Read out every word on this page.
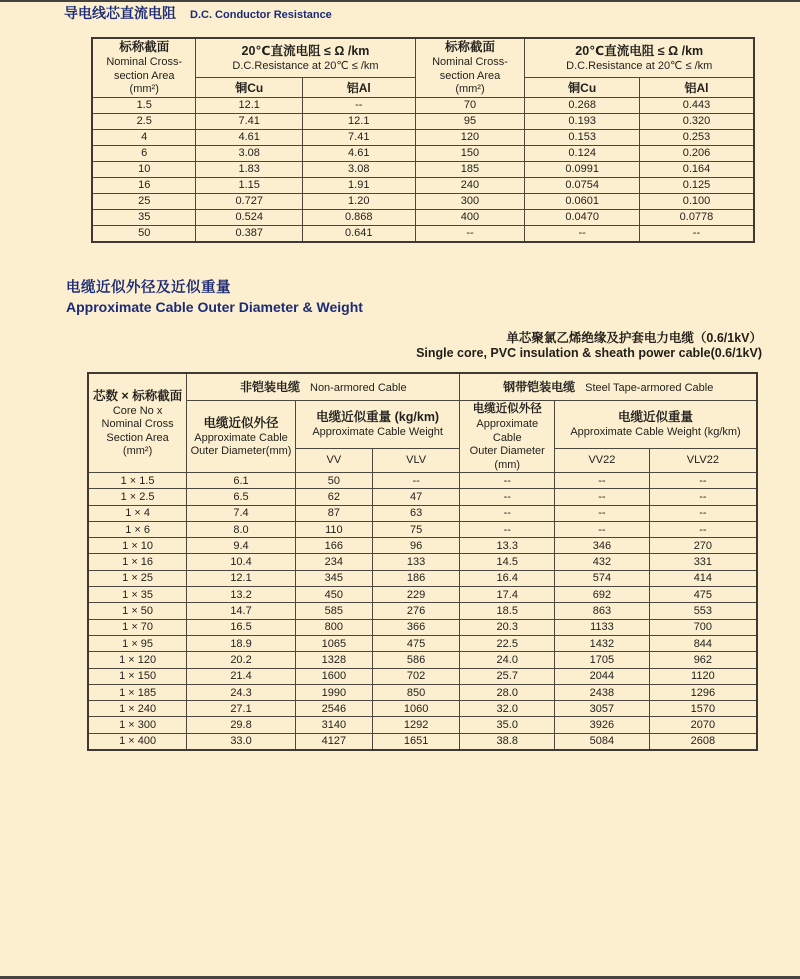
导电线芯直流电阻 D.C. Conductor Resistance
标称截面
Nominal Cross-
section Area
(mm²)	20℃直流电阻 ≤ Ω /km
D.C.Resistance at 20℃ ≤ /km		标称截面
Nominal Cross-
section Area
(mm²)	20℃直流电阻 ≤ Ω /km
D.C.Resistance at 20℃ ≤ /km	

	铜Cu	铝Al		铜Cu	铝Al
1.5	12.1	--	70	0.268	0.443
2.5	7.41	12.1	95	0.193	0.320
4	4.61	7.41	120	0.153	0.253
6	3.08	4.61	150	0.124	0.206
10	1.83	3.08	185	0.0991	0.164
16	1.15	1.91	240	0.0754	0.125
25	0.727	1.20	300	0.0601	0.100
35	0.524	0.868	400	0.0470	0.0778
50	0.387	0.641	--	--	--
电缆近似外径及近似重量
Approximate Cable Outer Diameter & Weight
单芯聚氯乙烯绝缘及护套电力电缆（0.6/1kV）
Single core, PVC insulation & sheath power cable(0.6/1kV)
芯数 × 标称截面
Core No x
Nominal Cross
Section Area
(mm²)	非铠装电缆 Non-armored Cable			钢带铠装电缆 Steel Tape-armored Cable		

	电缆近似外径
Approximate Cable
Outer Diameter(mm)	电缆近似重量 (kg/km)
Approximate Cable Weight		电缆近似外径
Approximate Cable
Outer Diameter
(mm)	电缆近似重量
Approximate Cable Weight (kg/km)	

		VV	VLV		VV22	VLV22
1 × 1.5	6.1	50	--	--	--	--
1 × 2.5	6.5	62	47	--	--	--
1 × 4	7.4	87	63	--	--	--
1 × 6	8.0	110	75	--	--	--
1 × 10	9.4	166	96	13.3	346	270
1 × 16	10.4	234	133	14.5	432	331
1 × 25	12.1	345	186	16.4	574	414
1 × 35	13.2	450	229	17.4	692	475
1 × 50	14.7	585	276	18.5	863	553
1 × 70	16.5	800	366	20.3	1133	700
1 × 95	18.9	1065	475	22.5	1432	844
1 × 120	20.2	1328	586	24.0	1705	962
1 × 150	21.4	1600	702	25.7	2044	1120
1 × 185	24.3	1990	850	28.0	2438	1296
1 × 240	27.1	2546	1060	32.0	3057	1570
1 × 300	29.8	3140	1292	35.0	3926	2070
1 × 400	33.0	4127	1651	38.8	5084	2608
